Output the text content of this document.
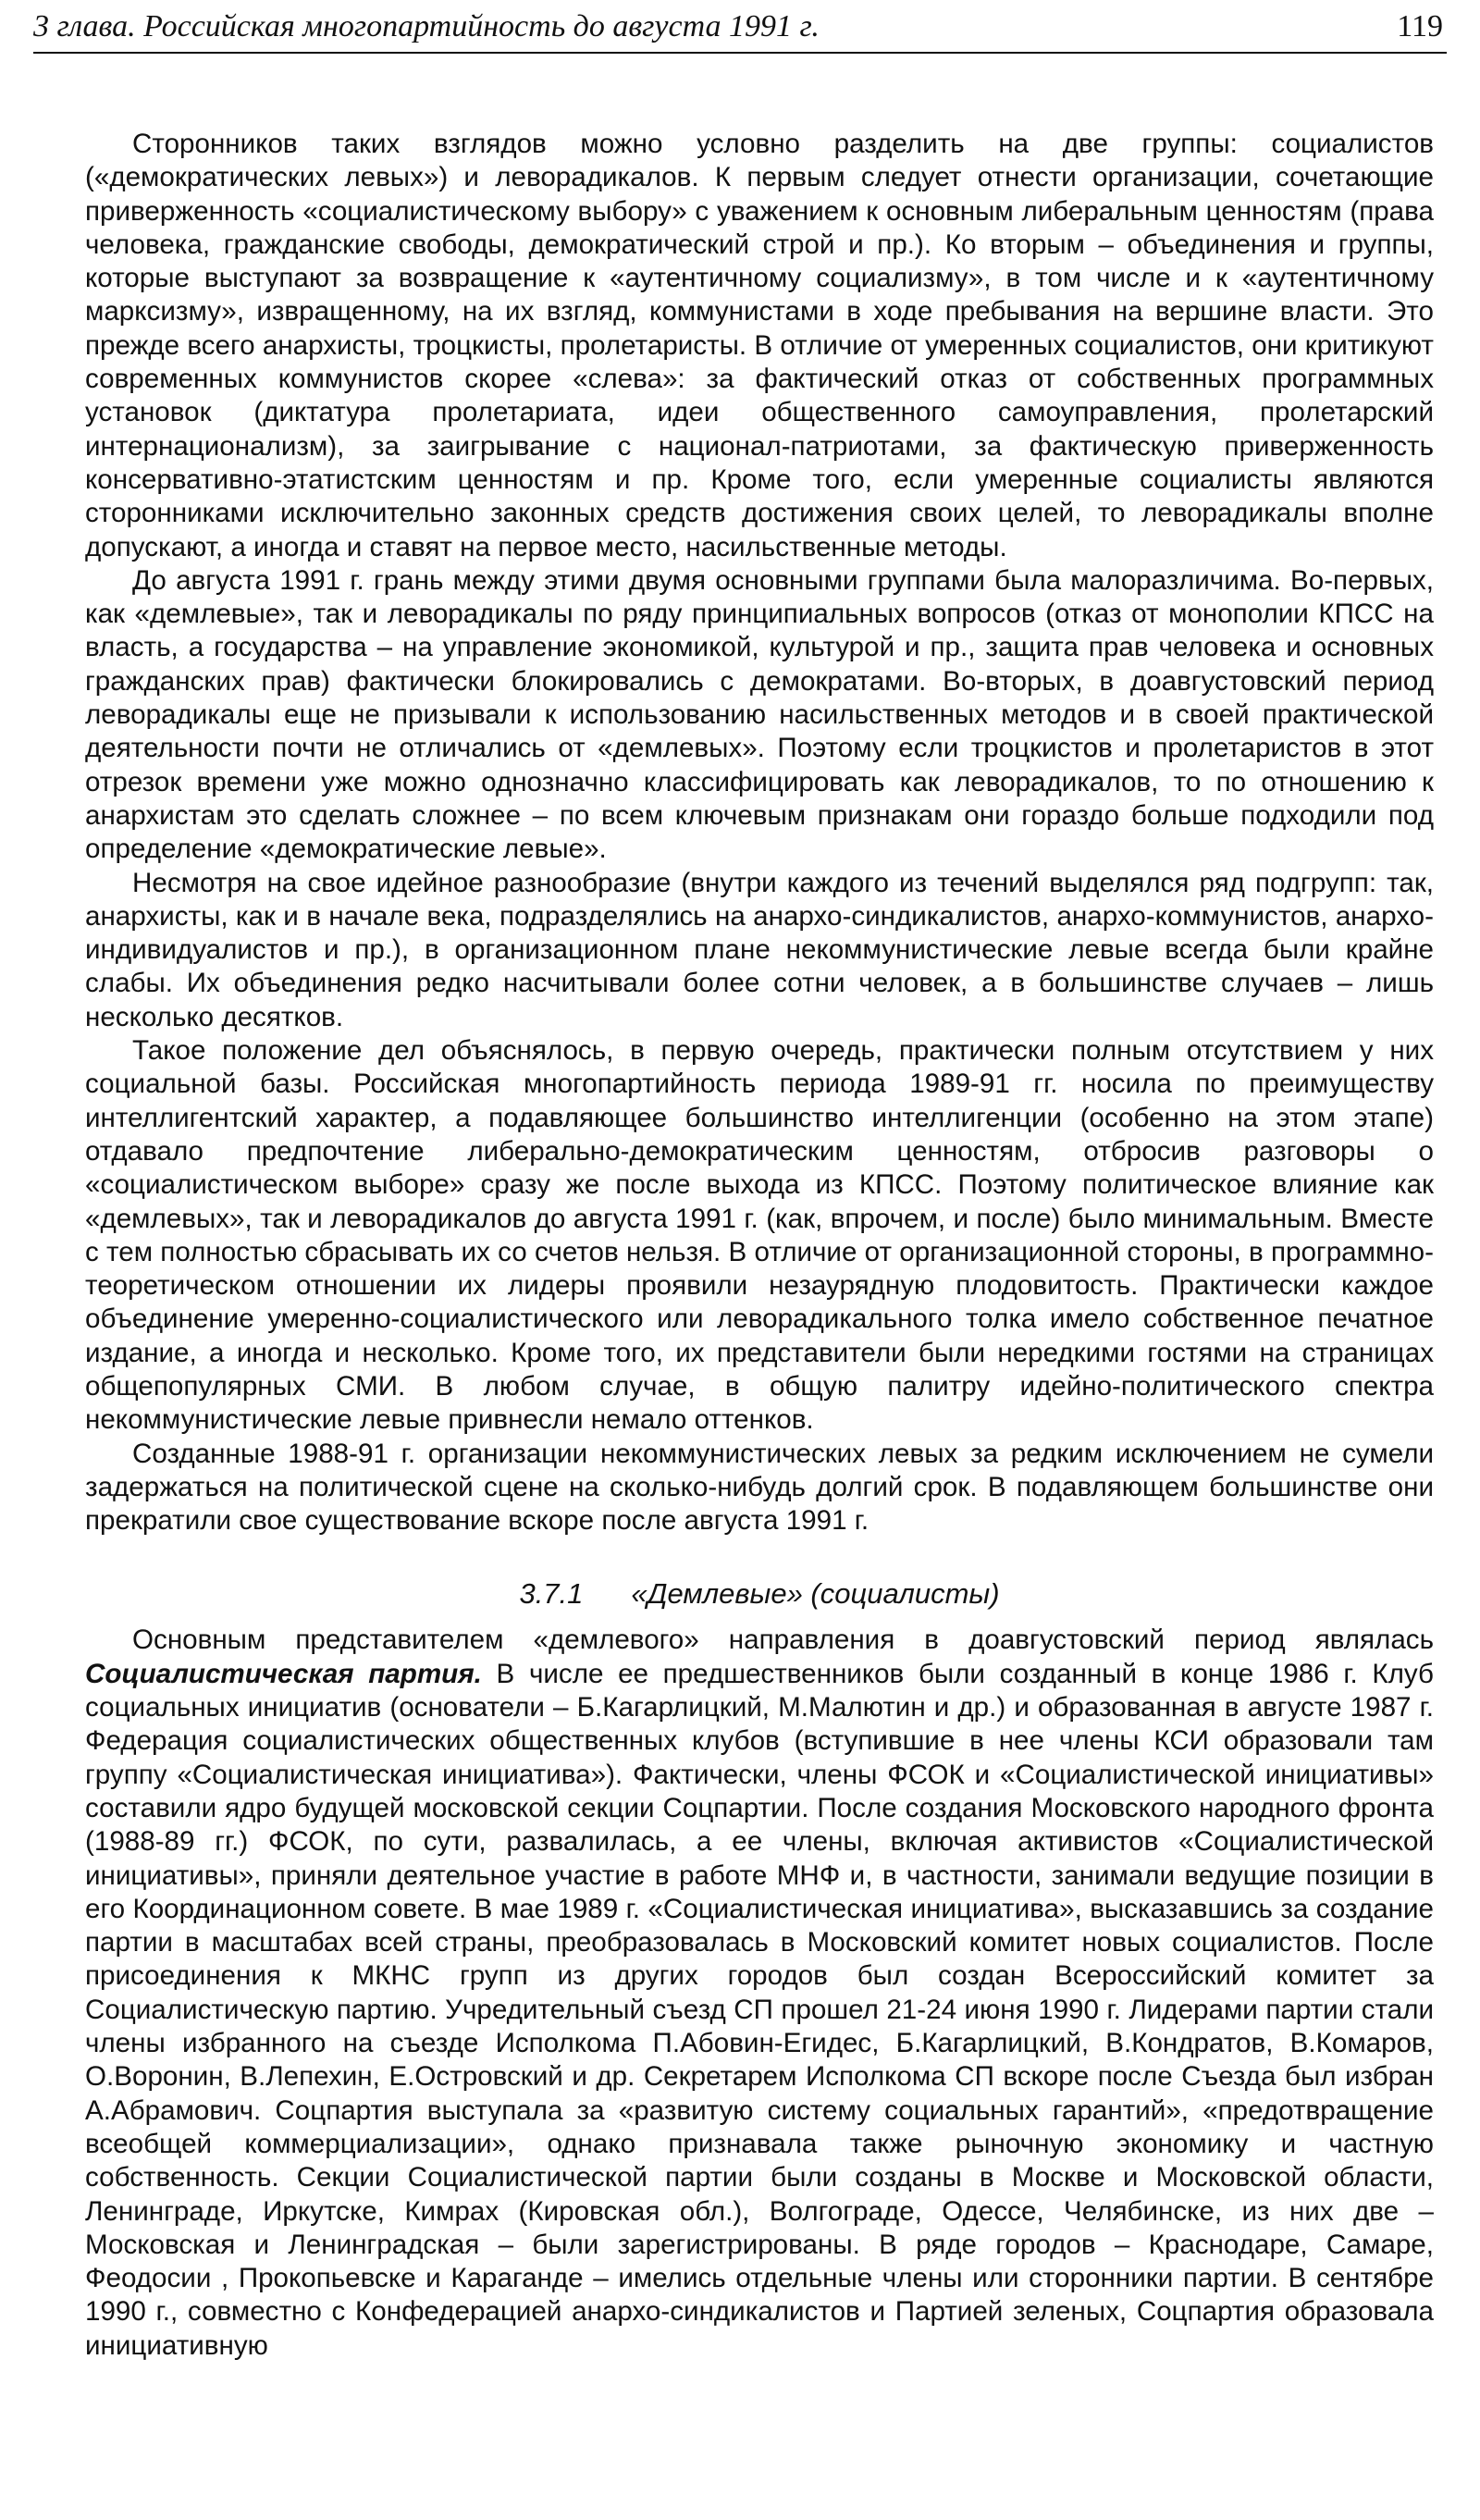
3 глава. Российская многопартийность до августа 1991 г.	119

Сторонников таких взглядов можно условно разделить на две группы: социалистов («демократических левых») и леворадикалов. К первым следует отнести организации, сочетающие приверженность «социалистическому выбору» с уважением к основным либеральным ценностям (права человека, гражданские свободы, демократический строй и пр.). Ко вторым – объединения и группы, которые выступают за возвращение к «аутентичному социализму», в том числе и к «аутентичному марксизму», извращенному, на их взгляд, коммунистами в ходе пребывания на вершине власти. Это прежде всего анархисты, троцкисты, пролетаристы. В отличие от умеренных социалистов, они критикуют современных коммунистов скорее «слева»: за фактический отказ от собственных программных установок (диктатура пролетариата, идеи общественного самоуправления, пролетарский интернационализм), за заигрывание с национал-патриотами, за фактическую приверженность консервативно-этатистским ценностям и пр. Кроме того, если умеренные социалисты являются сторонниками исключительно законных средств достижения своих целей, то леворадикалы вполне допускают, а иногда и ставят на первое место, насильственные методы.

До августа 1991 г. грань между этими двумя основными группами была малоразличима. Во-первых, как «демлевые», так и леворадикалы по ряду принципиальных вопросов (отказ от монополии КПСС на власть, а государства – на управление экономикой, культурой и пр., защита прав человека и основных гражданских прав) фактически блокировались с демократами. Во-вторых, в доавгустовский период леворадикалы еще не призывали к использованию насильственных методов и в своей практической деятельности почти не отличались от «демлевых». Поэтому если троцкистов и пролетаристов в этот отрезок времени уже можно однозначно классифицировать как леворадикалов, то по отношению к анархистам это сделать сложнее – по всем ключевым признакам они гораздо больше подходили под определение «демократические левые».

Несмотря на свое идейное разнообразие (внутри каждого из течений выделялся ряд подгрупп: так, анархисты, как и в начале века, подразделялись на анархо-синдикалистов, анархо-коммунистов, анархо-индивидуалистов и пр.), в организационном плане некоммунистические левые всегда были крайне слабы. Их объединения редко насчитывали более сотни человек, а в большинстве случаев – лишь несколько десятков.

Такое положение дел объяснялось, в первую очередь, практически полным отсутствием у них социальной базы. Российская многопартийность периода 1989-91 гг. носила по преимуществу интеллигентский характер, а подавляющее большинство интеллигенции (особенно на этом этапе) отдавало предпочтение либерально-демократическим ценностям, отбросив разговоры о «социалистическом выборе» сразу же после выхода из КПСС. Поэтому политическое влияние как «демлевых», так и леворадикалов до августа 1991 г. (как, впрочем, и после) было минимальным. Вместе с тем полностью сбрасывать их со счетов нельзя. В отличие от организационной стороны, в программно-теоретическом отношении их лидеры проявили незаурядную плодовитость. Практически каждое объединение умеренно-социалистического или леворадикального толка имело собственное печатное издание, а иногда и несколько. Кроме того, их представители были нередкими гостями на страницах общепопулярных СМИ. В любом случае, в общую палитру идейно-политического спектра некоммунистические левые привнесли немало оттенков.

Созданные 1988-91 г. организации некоммунистических левых за редким исключением не сумели задержаться на политической сцене на сколько-нибудь долгий срок. В подавляющем большинстве они прекратили свое существование вскоре после августа 1991 г.

3.7.1 «Демлевые» (социалисты)

Основным представителем «демлевого» направления в доавгустовский период являлась Социалистическая партия. В числе ее предшественников были созданный в конце 1986 г. Клуб социальных инициатив (основатели – Б.Кагарлицкий, М.Малютин и др.) и образованная в августе 1987 г. Федерация социалистических общественных клубов (вступившие в нее члены КСИ образовали там группу «Социалистическая инициатива»). Фактически, члены ФСОК и «Социалистической инициативы» составили ядро будущей московской секции Соцпартии. После создания Московского народного фронта (1988-89 гг.) ФСОК, по сути, развалилась, а ее члены, включая активистов «Социалистической инициативы», приняли деятельное участие в работе МНФ и, в частности, занимали ведущие позиции в его Координационном совете. В мае 1989 г. «Социалистическая инициатива», высказавшись за создание партии в масштабах всей страны, преобразовалась в Московский комитет новых социалистов. После присоединения к МКНС групп из других городов был создан Всероссийский комитет за Социалистическую партию. Учредительный съезд СП прошел 21-24 июня 1990 г. Лидерами партии стали члены избранного на съезде Исполкома П.Абовин-Егидес, Б.Кагарлицкий, В.Кондратов, В.Комаров, О.Воронин, В.Лепехин, Е.Островский и др. Секретарем Исполкома СП вскоре после Съезда был избран А.Абрамович. Соцпартия выступала за «развитую систему социальных гарантий», «предотвращение всеобщей коммерциализации», однако признавала также рыночную экономику и частную собственность. Секции Социалистической партии были созданы в Москве и Московской области, Ленинграде, Иркутске, Кимрах (Кировская обл.), Волгограде, Одессе, Челябинске, из них две – Московская и Ленинградская – были зарегистрированы. В ряде городов – Краснодаре, Самаре, Феодосии , Прокопьевске и Караганде – имелись отдельные члены или сторонники партии. В сентябре 1990 г., совместно с Конфедерацией анархо-синдикалистов и Партией зеленых, Соцпартия образовала инициативную
